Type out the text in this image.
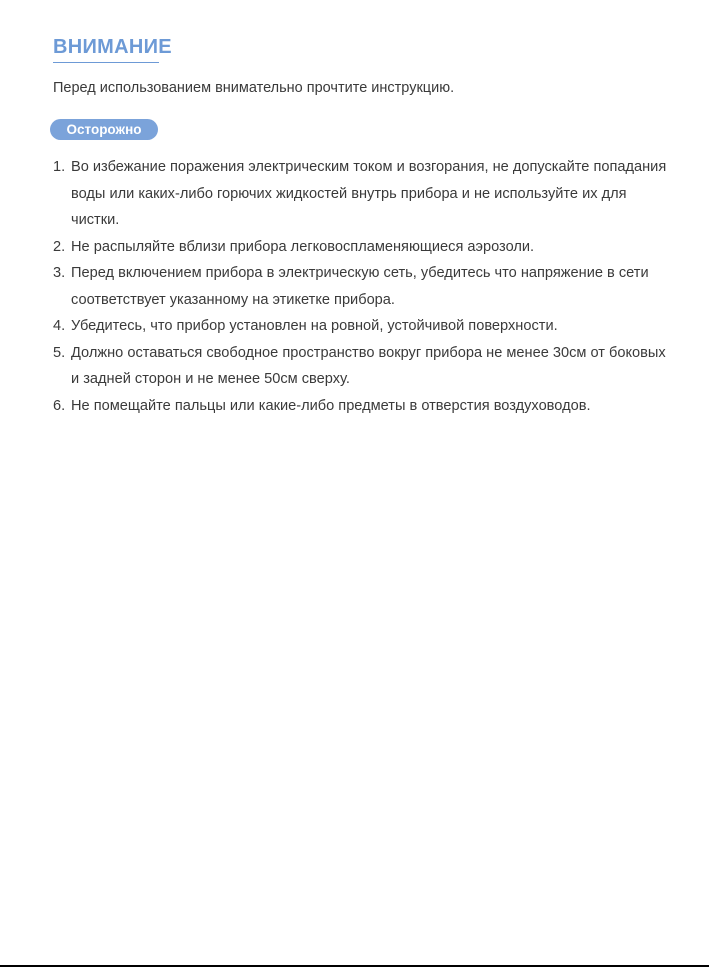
ВНИМАНИЕ
Перед использованием внимательно прочтите инструкцию.
Осторожно
1. Во избежание поражения электрическим током и возгорания, не допускайте попадания воды или каких-либо горючих жидкостей внутрь прибора и не используйте их для чистки.
2. Не распыляйте вблизи прибора легковоспламеняющиеся аэрозоли.
3. Перед включением прибора в электрическую сеть, убедитесь что напряжение в сети соответствует указанному на этикетке прибора.
4. Убедитесь, что прибор установлен на ровной, устойчивой поверхности.
5. Должно оставаться свободное пространство вокруг прибора не менее 30см от боковых и задней сторон и не менее 50см сверху.
6. Не помещайте пальцы или какие-либо предметы в отверстия воздуховодов.
